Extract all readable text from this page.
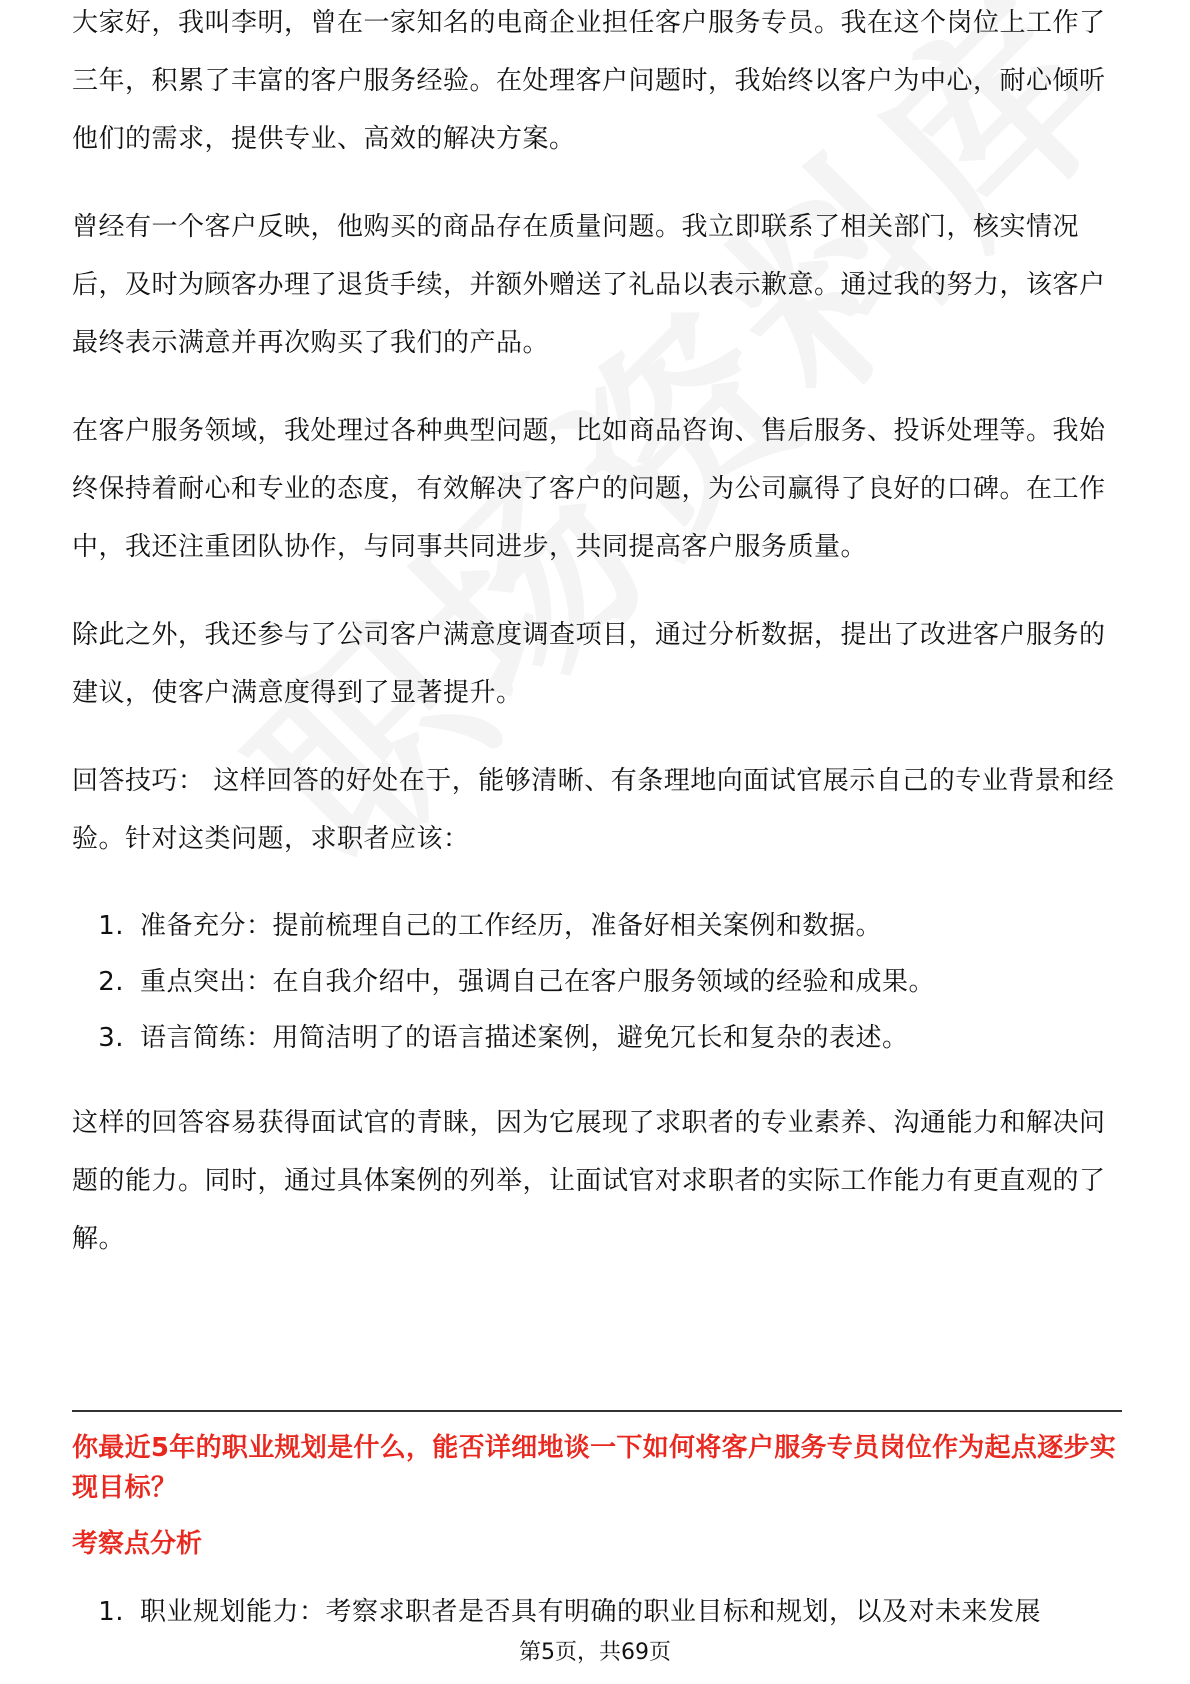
大家好，我叫李明，曾在一家知名的电商企业担任客户服务专员。我在这个岗位上工作了三年，积累了丰富的客户服务经验。在处理客户问题时，我始终以客户为中心，耐心倾听他们的需求，提供专业、高效的解决方案。

曾经有一个客户反映，他购买的商品存在质量问题。我立即联系了相关部门，核实情况后，及时为顾客办理了退货手续，并额外赠送了礼品以表示歉意。通过我的努力，该客户最终表示满意并再次购买了我们的产品。

在客户服务领域，我处理过各种典型问题，比如商品咨询、售后服务、投诉处理等。我始终保持着耐心和专业的态度，有效解决了客户的问题，为公司赢得了良好的口碑。在工作中，我还注重团队协作，与同事共同进步，共同提高客户服务质量。

除此之外，我还参与了公司客户满意度调查项目，通过分析数据，提出了改进客户服务的建议，使客户满意度得到了显著提升。

回答技巧： 这样回答的好处在于，能够清晰、有条理地向面试官展示自己的专业背景和经验。针对这类问题，求职者应该：

1. 准备充分：提前梳理自己的工作经历，准备好相关案例和数据。
2. 重点突出：在自我介绍中，强调自己在客户服务领域的经验和成果。
3. 语言简练：用简洁明了的语言描述案例，避免冗长和复杂的表述。

这样的回答容易获得面试官的青睐，因为它展现了求职者的专业素养、沟通能力和解决问题的能力。同时，通过具体案例的列举，让面试官对求职者的实际工作能力有更直观的了解。

你最近5年的职业规划是什么，能否详细地谈一下如何将客户服务专员岗位作为起点逐步实现目标？

考察点分析

1. 职业规划能力：考察求职者是否具有明确的职业目标和规划，以及对未来发展
第5页，共69页
